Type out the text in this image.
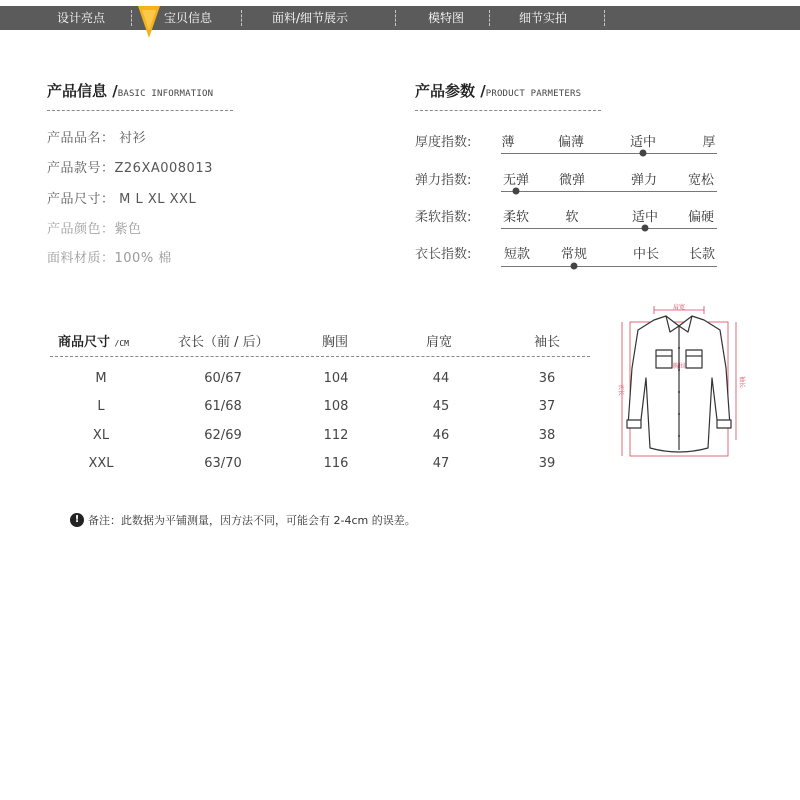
设计亮点	宝贝信息	面料/细节展示	模特图	细节实拍
产品信息 /BASIC INFORMATION
产品品名： 衬衫
产品款号：Z26XA008013
产品尺寸： M L XL XXL
产品颜色：紫色
面料材质：100% 棉
产品参数 /PRODUCT PARMETERS
厚度指数: 薄	偏薄	适中	厚
弹力指数: 无弹 微弹	弹力 宽松
柔软指数: 柔软	软	适中 偏硬
衣长指数:	短款 常规	中长 长款
商品尺寸 /CM	衣长（前 / 后）	胸围	肩宽	袖长
M	60/67	104	44	36
L	61/68	108	45	37
XL	62/69	112	46	38
XXL	63/70	116	47	39
! 备注：此数据为平铺测量，因方法不同，可能会有 2-4cm 的误差。
肩宽
胸围
衣长
袖长
